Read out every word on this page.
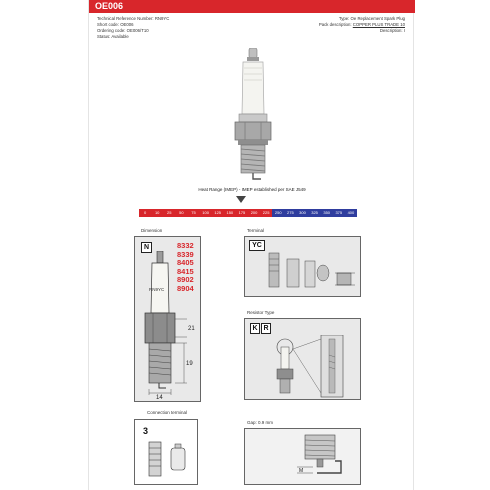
OE006
Technical Reference Number: RN9YC
Short code: OE006
Ordering code: OE006/T10
Status: Available
Type: Oe Replacement Spark Plug
Pack description: COPPER PLUS TRADE 10
Description: I
Heat Range (IMEP) - IMEP established per SAE J549
0	10	25	50	75	100	125	150	175	200	225	250	275	300	325	350	375	400
Dimension
N	8332
8339
8405
8415
8902
8904
RN9YC
21
19
14
Terminal
YC
Resistor Type
K R
Connection terminal
3
Gap: 0.9 mm
M
